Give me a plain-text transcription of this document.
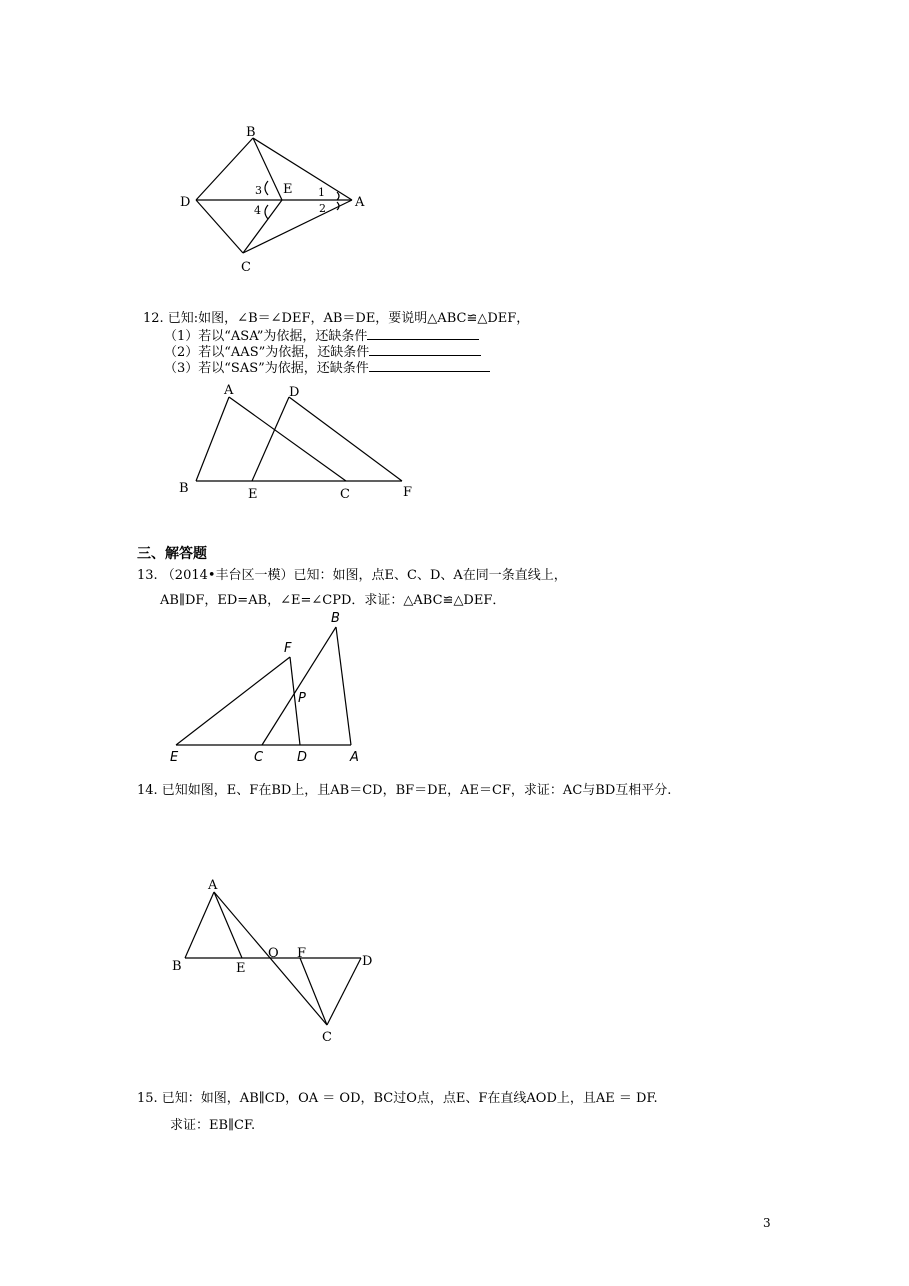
B
D
E
A
C
1
2
3
4
12. 已知:如图，∠B＝∠DEF，AB＝DE，要说明△ABC≌△DEF，
（1）若以“ASA”为依据，还缺条件
（2）若以“AAS”为依据，还缺条件
（3）若以“SAS”为依据，还缺条件
A	D
B	E	C	F
三、解答题
13. （2014•丰台区一模）已知：如图，点E、C、D、A在同一条直线上，
AB∥DF，ED=AB，∠E=∠CPD．求证：△ABC≌△DEF．
B
F
P
E	C	D	A
14. 已知如图，E、F在BD上，且AB＝CD，BF＝DE，AE＝CF，求证：AC与BD互相平分.
A
B	E
O F
D
C
15. 已知：如图，AB∥CD，OA ＝ OD，BC过O点，点E、F在直线AOD上，且AE ＝ DF.
求证：EB∥CF.
3
